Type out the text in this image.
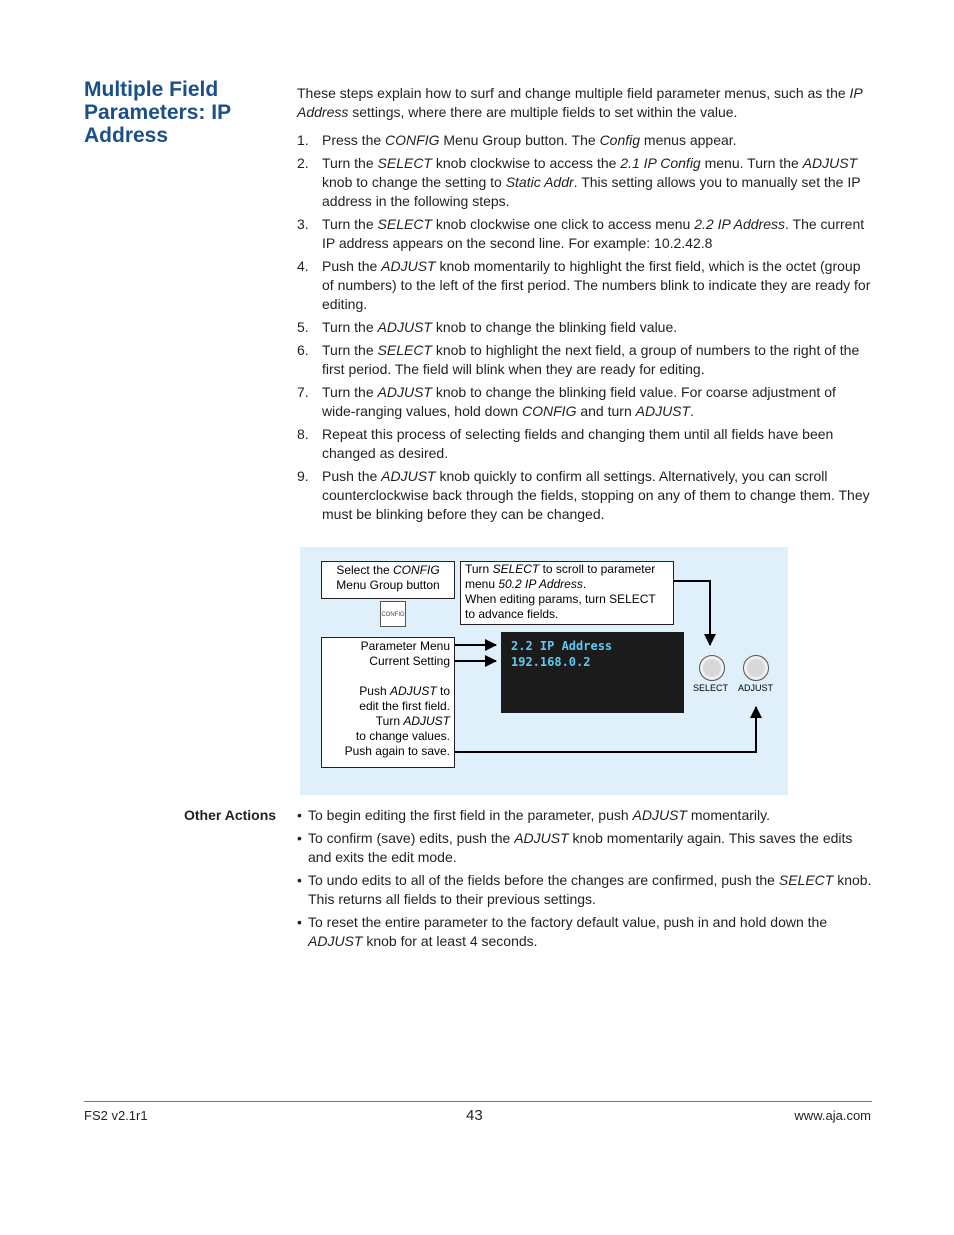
Multiple Field Parameters: IP Address
These steps explain how to surf and change multiple field parameter menus, such as the IP Address settings, where there are multiple fields to set within the value.
1. Press the CONFIG Menu Group button. The Config menus appear.
2. Turn the SELECT knob clockwise to access the 2.1 IP Config menu. Turn the ADJUST knob to change the setting to Static Addr. This setting allows you to manually set the IP address in the following steps.
3. Turn the SELECT knob clockwise one click to access menu 2.2 IP Address. The current IP address appears on the second line. For example: 10.2.42.8
4. Push the ADJUST knob momentarily to highlight the first field, which is the octet (group of numbers) to the left of the first period. The numbers blink to indicate they are ready for editing.
5. Turn the ADJUST knob to change the blinking field value.
6. Turn the SELECT knob to highlight the next field, a group of numbers to the right of the first period. The field will blink when they are ready for editing.
7. Turn the ADJUST knob to change the blinking field value. For coarse adjustment of wide-ranging values, hold down CONFIG and turn ADJUST.
8. Repeat this process of selecting fields and changing them until all fields have been changed as desired.
9. Push the ADJUST knob quickly to confirm all settings. Alternatively, you can scroll counterclockwise back through the fields, stopping on any of them to change them. They must be blinking before they can be changed.
Select the CONFIG
Menu Group button
CONFIG
Turn SELECT to scroll to parameter
menu 50.2 IP Address.
When editing params, turn SELECT
to advance fields.
Parameter Menu
Current Setting

Push ADJUST to
edit the first field.
Turn ADJUST
to change values.
Push again to save.
2.2 IP Address
192.168.0.2
SELECT ADJUST
Other Actions • To begin editing the first field in the parameter, push ADJUST momentarily.
• To confirm (save) edits, push the ADJUST knob momentarily again. This saves the edits and exits the edit mode.
• To undo edits to all of the fields before the changes are confirmed, push the SELECT knob. This returns all fields to their previous settings.
• To reset the entire parameter to the factory default value, push in and hold down the ADJUST knob for at least 4 seconds.
FS2 v2.1r1	43	www.aja.com
